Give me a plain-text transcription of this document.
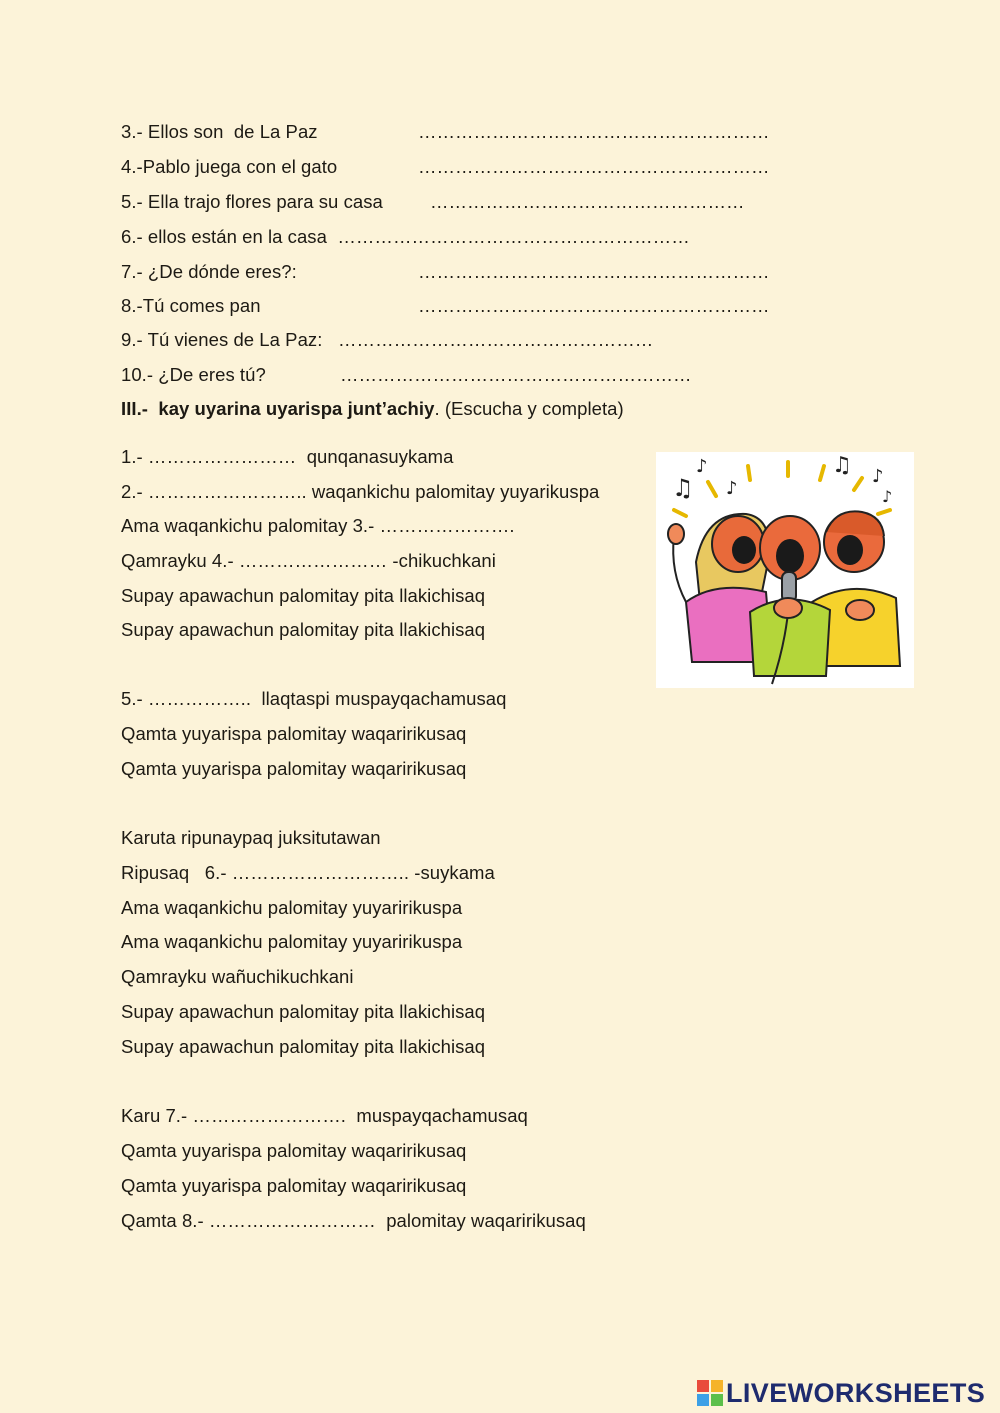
3.- Ellos son  de La Paz	…………………………………………………
4.-Pablo juega con el gato	…………………………………………………
5.- Ella trajo flores para su casa	……………………………………………
6.- ellos están en la casa  …………………………………………………
7.- ¿De dónde eres?:	…………………………………………………
8.-Tú comes pan	…………………………………………………
9.- Tú vienes de La Paz:   ……………………………………………
10.- ¿De eres tú?	…………………………………………………
III.-  kay uyarina uyarispa junt’achiy. (Escucha y completa)
1.- ……………………  qunqanasuykama
2.- …………………….. waqankichu palomitay yuyarikuspa
Ama waqankichu palomitay 3.- ………………….
Qamrayku 4.- …………………… -chikuchkani
Supay apawachun palomitay pita llakichisaq
Supay apawachun palomitay pita llakichisaq
5.- ……………..  llaqtaspi muspayqachamusaq
Qamta yuyarispa palomitay waqaririkusaq
Qamta yuyarispa palomitay waqaririkusaq
Karuta ripunaypaq juksitutawan
Ripusaq   6.- ……………………….. -suykama
Ama waqankichu palomitay yuyaririkuspa
Ama waqankichu palomitay yuyaririkuspa
Qamrayku wañuchikuchkani
Supay apawachun palomitay pita llakichisaq
Supay apawachun palomitay pita llakichisaq
Karu 7.- …………………….  muspayqachamusaq
Qamta yuyarispa palomitay waqaririkusaq
Qamta yuyarispa palomitay waqaririkusaq
Qamta 8.- ………………………  palomitay waqaririkusaq
♫
♪
♪
♫ ♪
♪
LIVEWORKSHEETS
